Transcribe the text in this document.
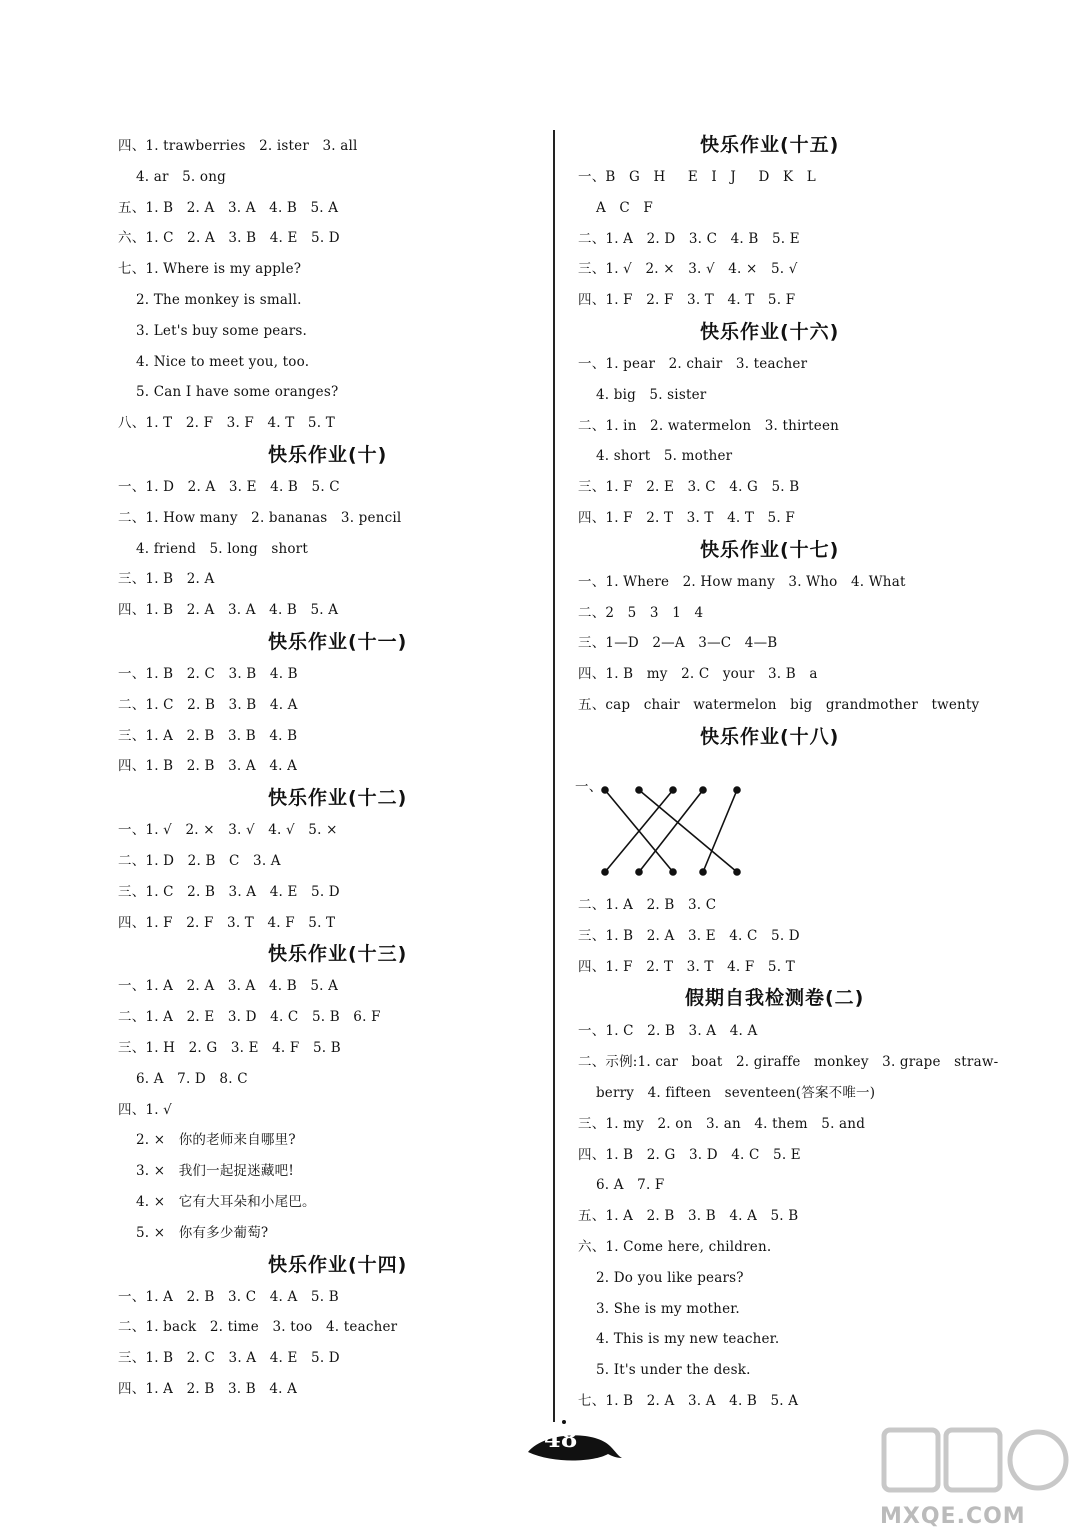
四、1. trawberries   2. ister   3. all
4. ar   5. ong
五、1. B   2. A   3. A   4. B   5. A
六、1. C   2. A   3. B   4. E   5. D
七、1. Where is my apple?
2. The monkey is small.
3. Let's buy some pears.
4. Nice to meet you, too.
5. Can I have some oranges?
八、1. T   2. F   3. F   4. T   5. T
快乐作业(十)
一、1. D   2. A   3. E   4. B   5. C
二、1. How many   2. bananas   3. pencil
4. friend   5. long   short
三、1. B   2. A
四、1. B   2. A   3. A   4. B   5. A
快乐作业(十一)
一、1. B   2. C   3. B   4. B
二、1. C   2. B   3. B   4. A
三、1. A   2. B   3. B   4. B
四、1. B   2. B   3. A   4. A
快乐作业(十二)
一、1. √   2. ×   3. √   4. √   5. ×
二、1. D   2. B   C   3. A
三、1. C   2. B   3. A   4. E   5. D
四、1. F   2. F   3. T   4. F   5. T
快乐作业(十三)
一、1. A   2. A   3. A   4. B   5. A
二、1. A   2. E   3. D   4. C   5. B   6. F
三、1. H   2. G   3. E   4. F   5. B
6. A   7. D   8. C
四、1. √
2. ×   你的老师来自哪里?
3. ×   我们一起捉迷藏吧!
4. ×   它有大耳朵和小尾巴。
5. ×   你有多少葡萄?
快乐作业(十四)
一、1. A   2. B   3. C   4. A   5. B
二、1. back   2. time   3. too   4. teacher
三、1. B   2. C   3. A   4. E   5. D
四、1. A   2. B   3. B   4. A
快乐作业(十五)
一、B   G   H     E   I   J     D   K   L
A   C   F
二、1. A   2. D   3. C   4. B   5. E
三、1. √   2. ×   3. √   4. ×   5. √
四、1. F   2. F   3. T   4. T   5. F
快乐作业(十六)
一、1. pear   2. chair   3. teacher
4. big   5. sister
二、1. in   2. watermelon   3. thirteen
4. short   5. mother
三、1. F   2. E   3. C   4. G   5. B
四、1. F   2. T   3. T   4. T   5. F
快乐作业(十七)
一、1. Where   2. How many   3. Who   4. What
二、2   5   3   1   4
三、1—D   2—A   3—C   4—B
四、1. B   my   2. C   your   3. B   a
五、cap   chair   watermelon   big   grandmother   twenty
快乐作业(十八)
二、1. A   2. B   3. C
三、1. B   2. A   3. E   4. C   5. D
四、1. F   2. T   3. T   4. F   5. T
假期自我检测卷(二)
一、1. C   2. B   3. A   4. A
二、示例:1. car   boat   2. giraffe   monkey   3. grape   straw-
berry   4. fifteen   seventeen(答案不唯一)
三、1. my   2. on   3. an   4. them   5. and
四、1. B   2. G   3. D   4. C   5. E
6. A   7. F
五、1. A   2. B   3. B   4. A   5. B
六、1. Come here, children.
2. Do you like pears?
3. She is my mother.
4. This is my new teacher.
5. It's under the desk.
七、1. B   2. A   3. A   4. B   5. A
一、
48
MXQE.COM
